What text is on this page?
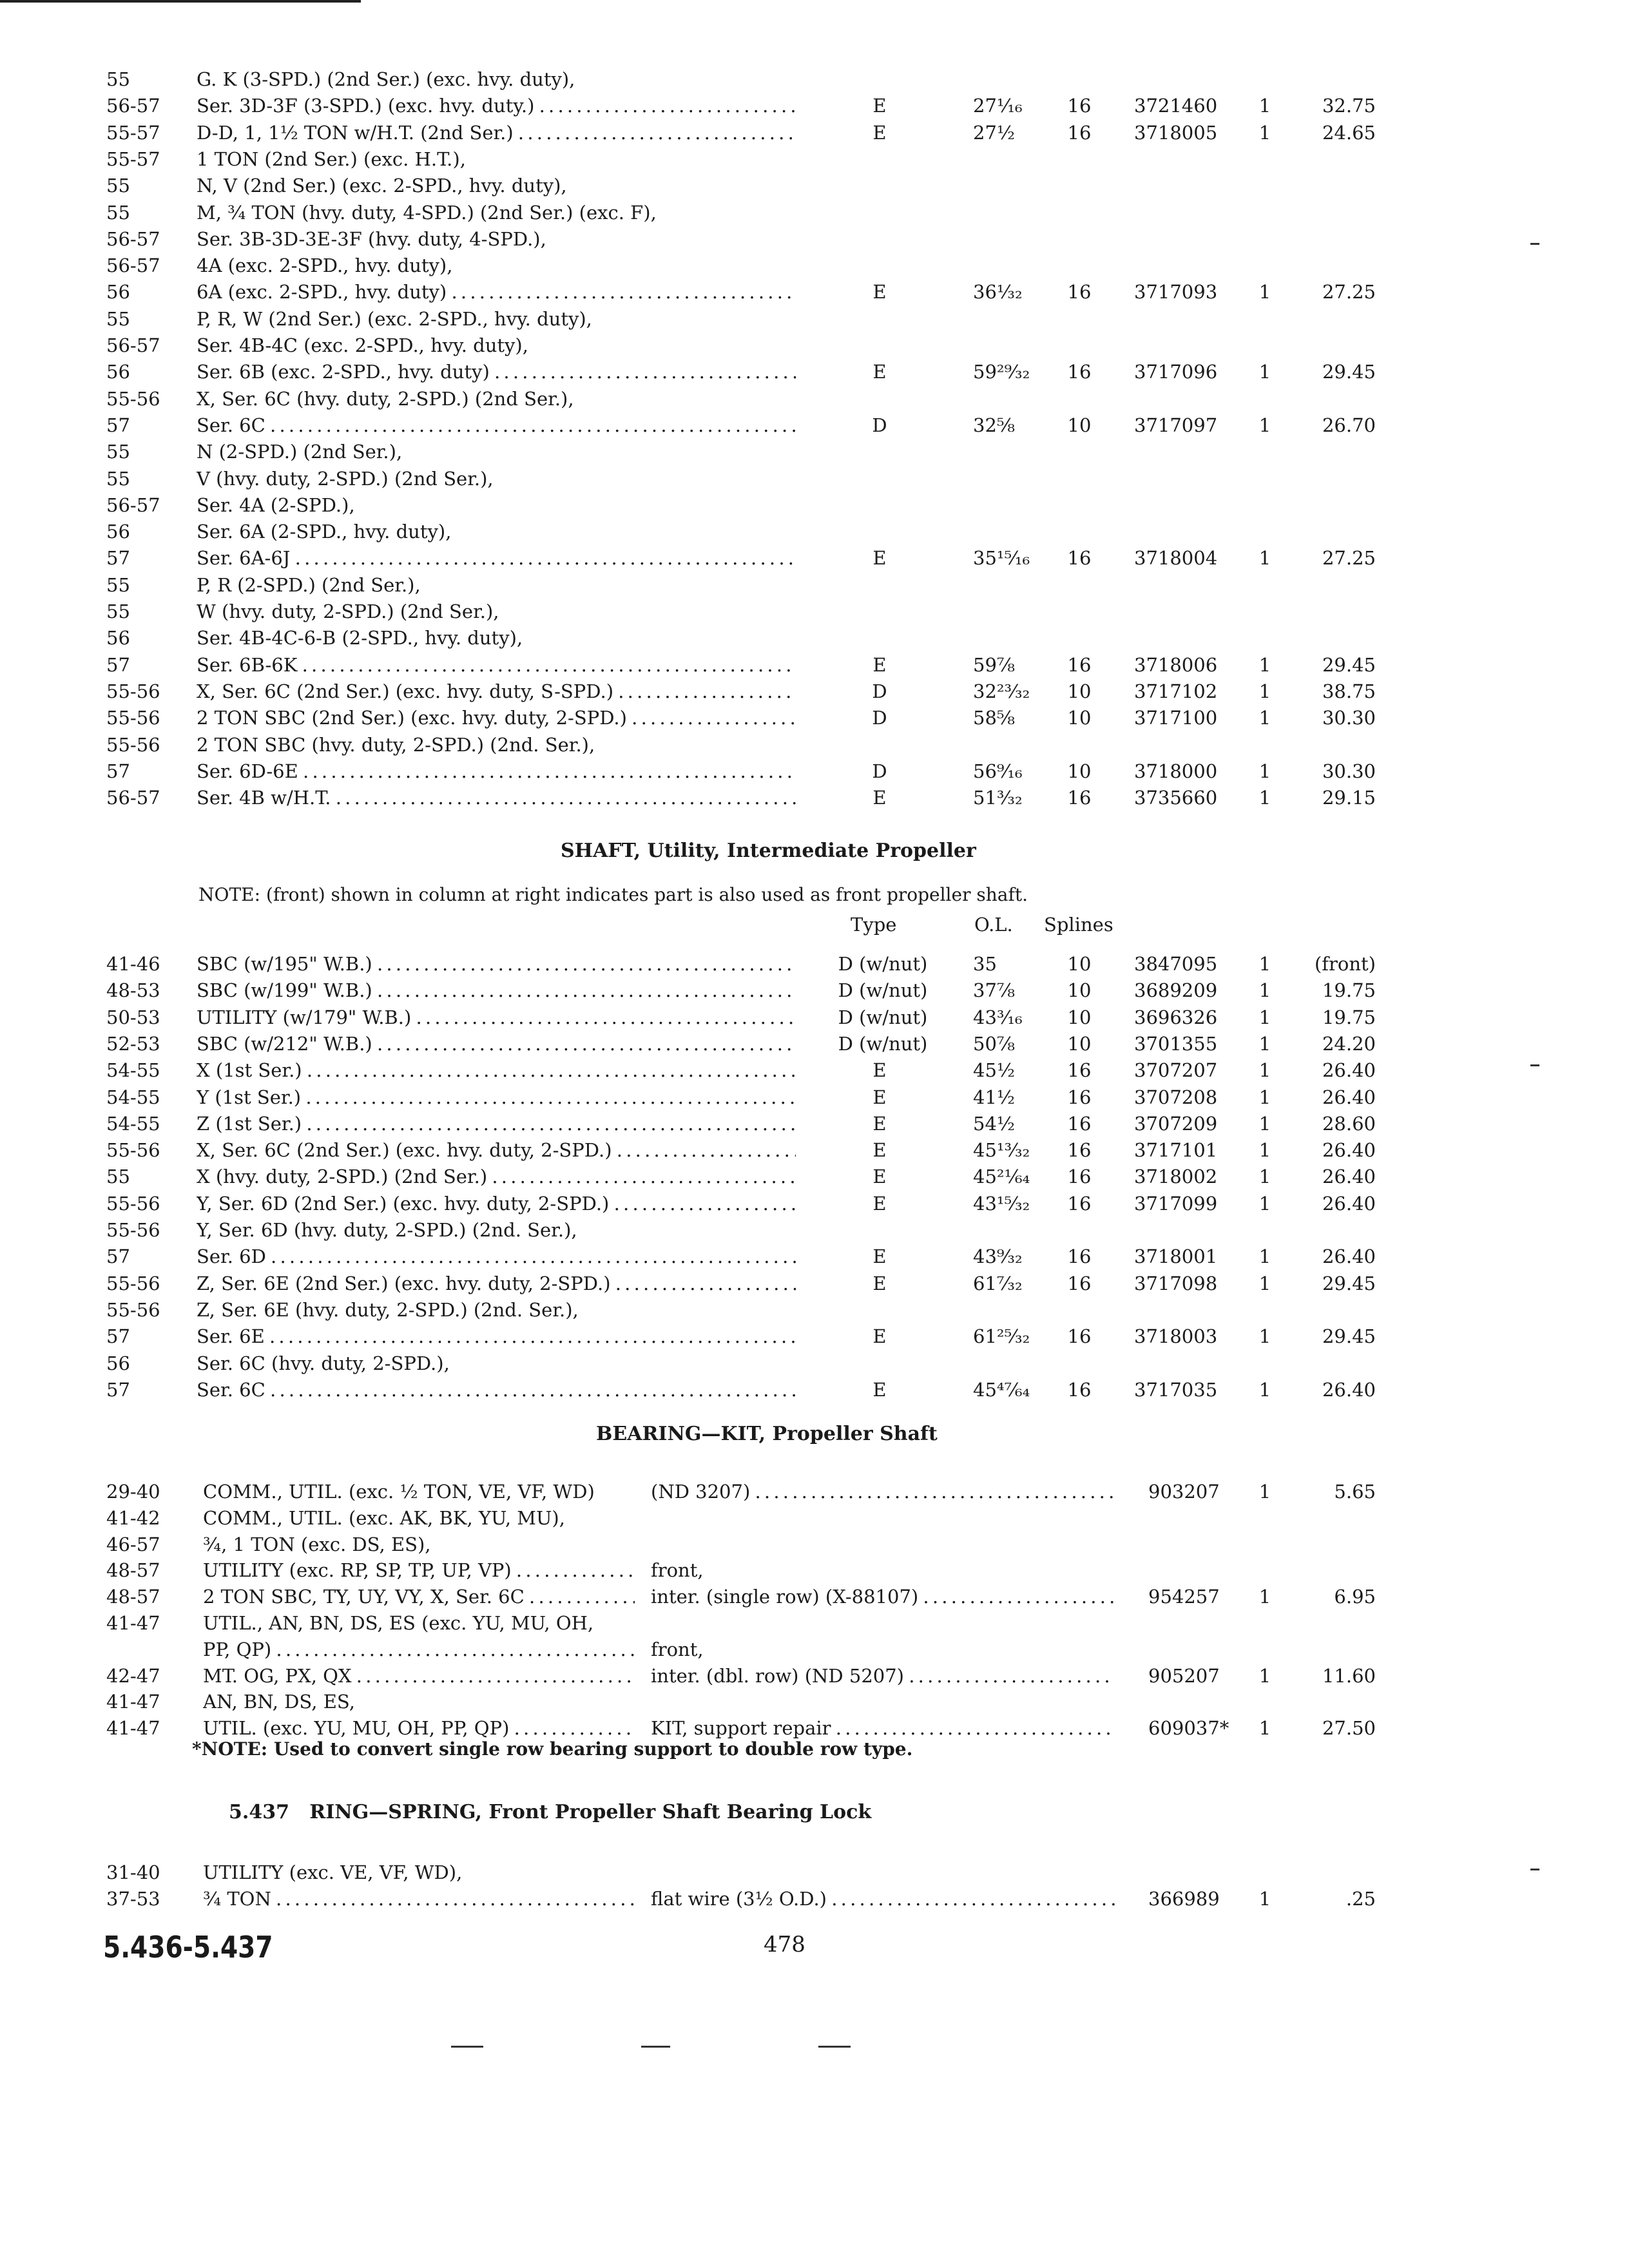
55	G. K (3-SPD.) (2nd Ser.) (exc. hvy. duty),
56-57 Ser. 3D-3F (3-SPD.) (exc. hvy. duty.) . . .	E	27¹⁄₁₆ 16 3721460 1	32.75
55-57 D-D, 1, 1½ TON w/H.T. (2nd Ser.) . . .	E	27½	16 3718005 1	24.65
55-57 1 TON (2nd Ser.) (exc. H.T.),
55	N, V (2nd Ser.) (exc. 2-SPD., hvy. duty),
55	M, ¾ TON (hvy. duty, 4-SPD.) (2nd Ser.) (exc. F),
56-57 Ser. 3B-3D-3E-3F (hvy. duty, 4-SPD.),
56-57 4A (exc. 2-SPD., hvy. duty),
56	6A (exc. 2-SPD., hvy. duty) . . .	E	36¹⁄₃₂ 16 3717093 1	27.25
55	P, R, W (2nd Ser.) (exc. 2-SPD., hvy. duty),
56-57 Ser. 4B-4C (exc. 2-SPD., hvy. duty),
56	Ser. 6B (exc. 2-SPD., hvy. duty) . . .	E	59²⁹⁄₃₂ 16 3717096 1	29.45
55-56 X, Ser. 6C (hvy. duty, 2-SPD.) (2nd Ser.),
57	Ser. 6C . . .	D	32⅝	10 3717097 1	26.70
55	N (2-SPD.) (2nd Ser.),
55	V (hvy. duty, 2-SPD.) (2nd Ser.),
56-57 Ser. 4A (2-SPD.),
56	Ser. 6A (2-SPD., hvy. duty),
57	Ser. 6A-6J . . .	E	35¹⁵⁄₁₆ 16 3718004 1	27.25
55	P, R (2-SPD.) (2nd Ser.),
55	W (hvy. duty, 2-SPD.) (2nd Ser.),
56	Ser. 4B-4C-6-B (2-SPD., hvy. duty),
57	Ser. 6B-6K . . .	E	59⅞	16 3718006 1	29.45
55-56 X, Ser. 6C (2nd Ser.) (exc. hvy. duty, S-SPD.) . . .	D	32²³⁄₃₂ 10 3717102 1	38.75
55-56 2 TON SBC (2nd Ser.) (exc. hvy. duty, 2-SPD.) . . .	D	58⅝	10 3717100 1	30.30
55-56 2 TON SBC (hvy. duty, 2-SPD.) (2nd. Ser.),
57	Ser. 6D-6E . . .	D	56⁹⁄₁₆ 10 3718000 1	30.30
56-57 Ser. 4B w/H.T. . . .	E	51³⁄₃₂ 16 3735660 1	29.15
SHAFT, Utility, Intermediate Propeller
NOTE: (front) shown in column at right indicates part is also used as front propeller shaft.
Type	O.L. Splines
41-46 SBC (w/195" W.B.) . . .	D (w/nut)	35	10 3847095 1	(front)
48-53 SBC (w/199" W.B.) . . .	D (w/nut)	37⅞	10 3689209 1	19.75
50-53 UTILITY (w/179" W.B.) . . .	D (w/nut)	43³⁄₁₆ 10 3696326 1	19.75
52-53 SBC (w/212" W.B.) . . .	D (w/nut)	50⅞	10 3701355 1	24.20
54-55 X (1st Ser.) . . .	E	45½	16 3707207 1	26.40
54-55 Y (1st Ser.) . . .	E	41½	16 3707208 1	26.40
54-55 Z (1st Ser.) . . .	E	54½	16 3707209 1	28.60
55-56 X, Ser. 6C (2nd Ser.) (exc. hvy. duty, 2-SPD.) . . .	E	45¹³⁄₃₂ 16 3717101 1	26.40
55	X (hvy. duty, 2-SPD.) (2nd Ser.) . . .	E	45²¹⁄₆₄ 16 3718002 1	26.40
55-56 Y, Ser. 6D (2nd Ser.) (exc. hvy. duty, 2-SPD.) . . .	E	43¹⁵⁄₃₂ 16 3717099 1	26.40
55-56 Y, Ser. 6D (hvy. duty, 2-SPD.) (2nd. Ser.),
57	Ser. 6D . . .	E	43⁹⁄₃₂ 16 3718001 1	26.40
55-56 Z, Ser. 6E (2nd Ser.) (exc. hvy. duty, 2-SPD.) . . .	E	61⁷⁄₃₂ 16 3717098 1	29.45
55-56 Z, Ser. 6E (hvy. duty, 2-SPD.) (2nd. Ser.),
57	Ser. 6E . . .	E	61²⁵⁄₃₂ 16 3718003 1	29.45
56	Ser. 6C (hvy. duty, 2-SPD.),
57	Ser. 6C . . .	E	45⁴⁷⁄₆₄ 16 3717035 1	26.40
BEARING—KIT, Propeller Shaft
29-40 COMM., UTIL. (exc. ½ TON, VE, VF, WD)	(ND 3207) . . .	903207 1	5.65
41-42 COMM., UTIL. (exc. AK, BK, YU, MU),
46-57 ¾, 1 TON (exc. DS, ES),
48-57 UTILITY (exc. RP, SP, TP, UP, VP) . . .	front,
48-57 2 TON SBC, TY, UY, VY, X, Ser. 6C . . .	inter. (single row) (X-88107) . . .	954257 1	6.95
41-47 UTIL., AN, BN, DS, ES (exc. YU, MU, OH,
PP, QP) . . .	front,
42-47 MT. OG, PX, QX . . .	inter. (dbl. row) (ND 5207) . . .	905207 1	11.60
41-47 AN, BN, DS, ES,
41-47 UTIL. (exc. YU, MU, OH, PP, QP) . . .	KIT, support repair . . .	609037* 1	27.50
*NOTE: Used to convert single row bearing support to double row type.
5.437 RING—SPRING, Front Propeller Shaft Bearing Lock
31-40 UTILITY (exc. VE, VF, WD),
37-53 ¾ TON . . .	flat wire (3½ O.D.) . . .	366989 1	.25
5.436-5.437	478
